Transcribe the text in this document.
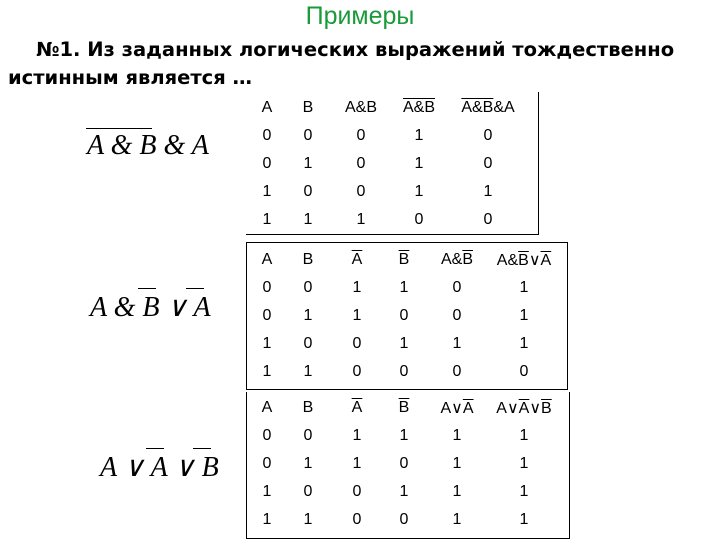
Примеры
№1. Из заданных логических выражений тождественно
истинным является …
A & B & A
A & B ∨ A
A ∨ A ∨ B
A	B	A&B	A&B	A&B&A
0	0	0	1	0
0	1	0	1	0
1	0	0	1	1
1	1	1	0	0
A	B	$\overline{A}$	$\overline{B}$	$A\&\overline{B}$	$A\&\overline{B}\vee\overline{A}$
0	0	1	1	0	1
0	1	1	0	0	1
1	0	0	1	1	1
1	1	0	0	0	0
A	B	$\overline{A}$	$\overline{B}$	$A\vee\overline{A}$	$A\vee\overline{A}\vee\overline{B}$
0	0	1	1	1	1
0	1	1	0	1	1
1	0	0	1	1	1
1	1	0	0	1	1
